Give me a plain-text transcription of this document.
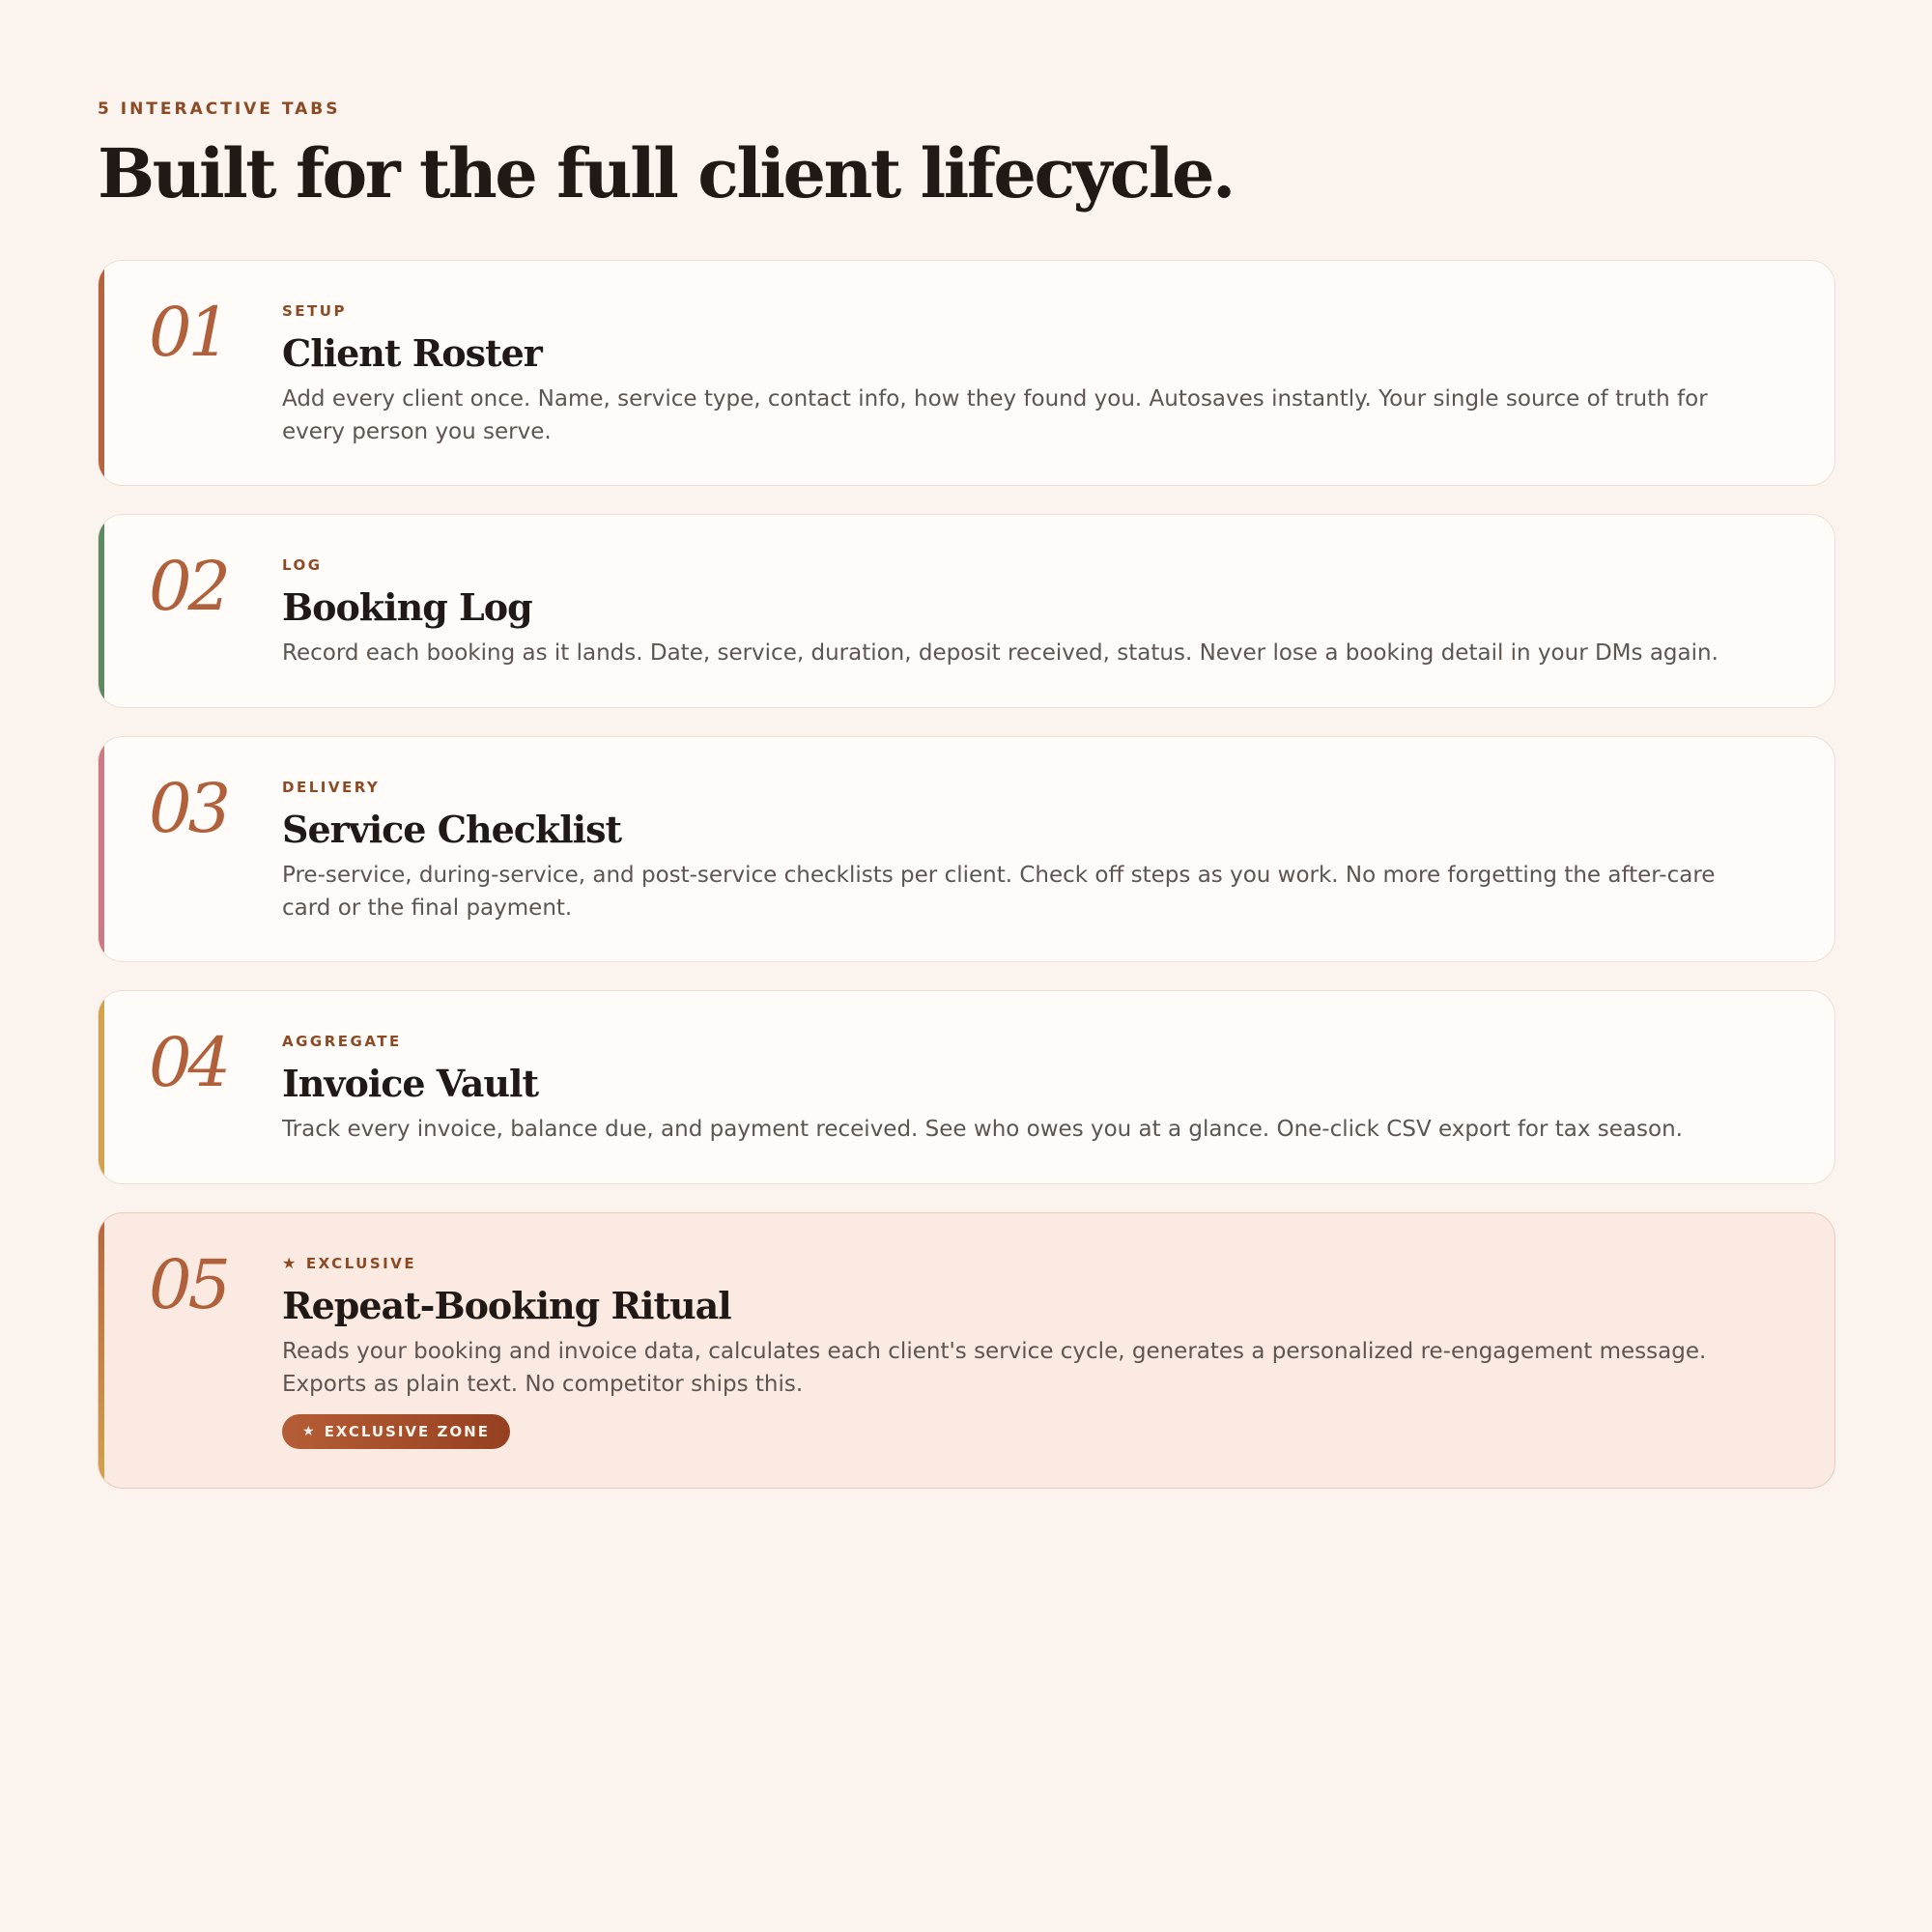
5 INTERACTIVE TABS
Built for the full client lifecycle.
01	SETUP
Client Roster
Add every client once. Name, service type, contact info, how they found you. Autosaves instantly. Your single source of truth for every person you serve.
02	LOG
Booking Log
Record each booking as it lands. Date, service, duration, deposit received, status. Never lose a booking detail in your DMs again.
03	DELIVERY
Service Checklist
Pre-service, during-service, and post-service checklists per client. Check off steps as you work. No more forgetting the after-care card or the final payment.
04	AGGREGATE
Invoice Vault
Track every invoice, balance due, and payment received. See who owes you at a glance. One-click CSV export for tax season.
05	★ EXCLUSIVE
Repeat-Booking Ritual
Reads your booking and invoice data, calculates each client's service cycle, generates a personalized re-engagement message. Exports as plain text. No competitor ships this.
★ EXCLUSIVE ZONE
